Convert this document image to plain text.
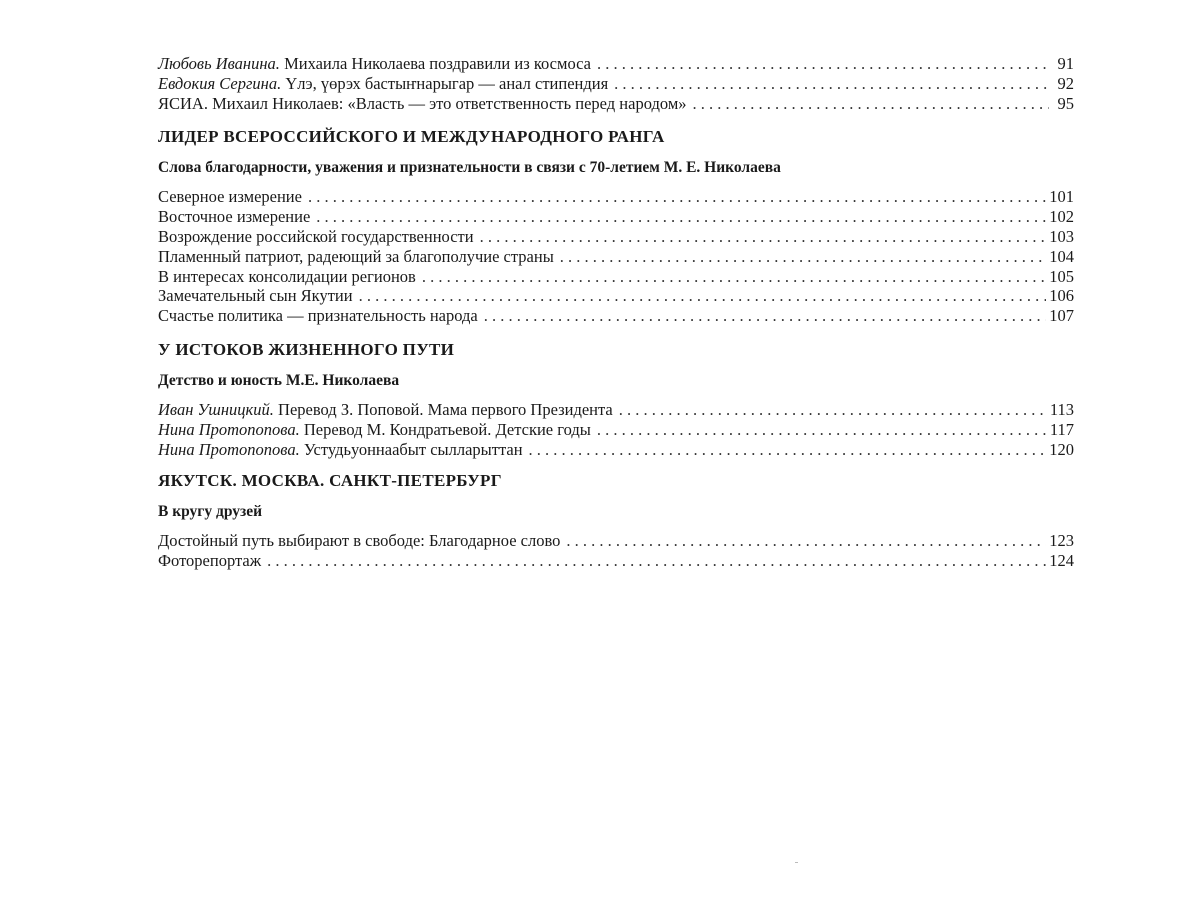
Любовь Иванина. Михаила Николаева поздравили из космоса . . .	91
Евдокия Сергина. Үлэ, үөрэх бастыҥнарыгар — анал стипендия . . .	92
ЯСИА. Михаил Николаев: «Власть — это ответственность перед народом» . . .	95
ЛИДЕР ВСЕРОССИЙСКОГО И МЕЖДУНАРОДНОГО РАНГА
Слова благодарности, уважения и признательности в связи с 70-летием М. Е. Николаева
Северное измерение . . .	101
Восточное измерение . . .	102
Возрождение российской государственности . . .	103
Пламенный патриот, радеющий за благополучие страны . . .	104
В интересах консолидации регионов . . .	105
Замечательный сын Якутии . . .	106
Счастье политика — признательность народа . . .	107
У ИСТОКОВ ЖИЗНЕННОГО ПУТИ
Детство и юность М.Е. Николаева
Иван Ушницкий. Перевод З. Поповой. Мама первого Президента . . .	113
Нина Протопопова. Перевод М. Кондратьевой. Детские годы . . .	117
Нина Протопопова. Устудьуоннаабыт сылларыттан . . .	120
ЯКУТСК. МОСКВА. САНКТ-ПЕТЕРБУРГ
В кругу друзей
Достойный путь выбирают в свободе: Благодарное слово . . .	123
Фоторепортаж . . .	124
